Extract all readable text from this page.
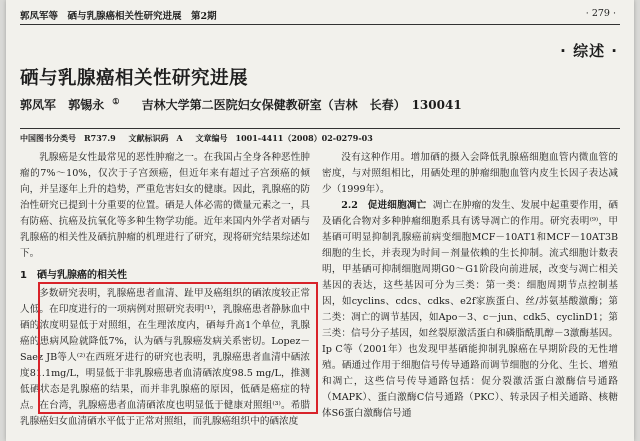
郭凤军等　硒与乳腺癌相关性研究进展　第2期	· 279 ·
· 综述 ·
硒与乳腺癌相关性研究进展
郭凤军 郭锡永 ① 吉林大学第二医院妇女保健教研室（吉林　长春）　130041
中国图书分类号　R737.9 文献标识码　A 文章编号　1001-4411（2008）02-0279-03

乳腺癌是女性最常见的恶性肿瘤之一。在我国占全身各种恶性肿瘤的7%～10%，仅次于子宫颈癌，但近年来有超过子宫颈癌的倾向，并呈逐年上升的趋势，严重危害妇女的健康。因此，乳腺癌的防治性研究已提到十分重要的位置。硒是人体必需的微量元素之一，具有防癌、抗癌及抗氧化等多种生物学功能。近年来国内外学者对硒与乳腺癌的相关性及硒抗肿瘤的机理进行了研究，现将研究结果综述如下。

1　硒与乳腺癌的相关性

多数研究表明，乳腺癌患者血清、趾甲及癌组织的硒浓度较正常人低。在印度进行的一项病例对照研究表明⁽¹⁾，乳腺癌患者静脉血中硒的浓度明显低于对照组，在生理浓度内，硒每升高1个单位，乳腺癌的患病风险就降低7%，认为硒与乳腺癌发病关系密切。Lopez－Saez JB等人⁽²⁾在西班牙进行的研究也表明，乳腺癌患者血清中硒浓度81.1mg/L，明显低于非乳腺癌患者血清硒浓度98.5 mg/L，推测低硒状态是乳腺癌的结果，而并非乳腺癌的原因，低硒是癌症的特点。在台湾，乳腺癌患者血清硒浓度也明显低于健康对照组⁽³⁾。希腊乳腺癌妇女血清硒水平低于正常对照组，而乳腺癌组织中的硒浓度

没有这种作用。增加硒的摄入会降低乳腺癌细胞血管内微血管的密度，与对照组相比，用硒处理的肿瘤细胞血管内皮生长因子表达减少（1999年）。

2.2　促进细胞凋亡 凋亡在肿瘤的发生、发展中起重要作用，硒及硒化合物对多种肿瘤细胞系具有诱导凋亡的作用。研究表明⁽⁹⁾，甲基硒可明显抑制乳腺癌前病变细胞MCF－10AT1和MCF－10AT3B细胞的生长，并表现为时间－剂量依赖的生长抑制。流式细胞计数表明，甲基硒可抑制细胞周期G0～G1阶段向前进展，改变与凋亡相关基因的表达，这些基因可分为三类：第一类：细胞周期节点控制基因，如cyclins、cdcs、cdks、e2f家族蛋白、丝/苏氨基酸激酶；第二类：凋亡的调节基因，如Apo－3、c－jun、cdk5、cyclinD1；第三类：信号分子基因，如丝裂原激活蛋白和磷脂酰肌醇－3激酶基因。Ip C等（2001年）也发现甲基硒能抑制乳腺癌在早期阶段的无性增殖。硒通过作用于细胞信号传导通路而调节细胞的分化、生长、增殖和凋亡，这些信号传导通路包括：促分裂激活蛋白激酶信号通路（MAPK）、蛋白激酶C信号通路（PKC）、转录因子相关通路、核糖体S6蛋白激酶信号通
